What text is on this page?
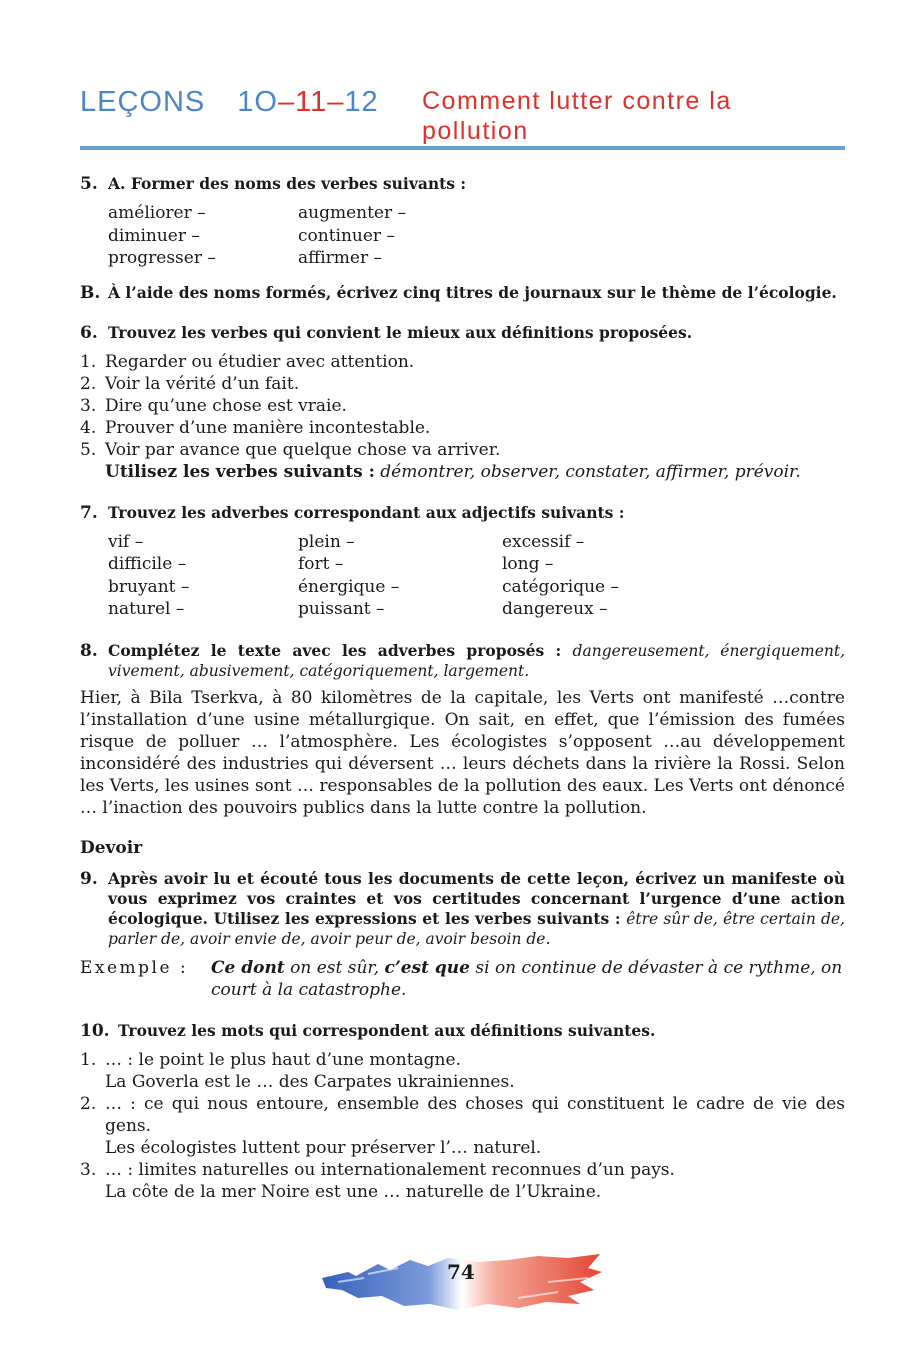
LEÇONS 1O–11–12 Comment lutter contre la pollution
5. A. Former des noms des verbes suivants :
améliorer –	augmenter –
diminuer –	continuer –
progresser –	affirmer –
B. À l’aide des noms formés, écrivez cinq titres de journaux sur le thème de l’écologie.
6. Trouvez les verbes qui convient le mieux aux définitions proposées.
1. Regarder ou étudier avec attention.
2. Voir la vérité d’un fait.
3. Dire qu’une chose est vraie.
4. Prouver d’une manière incontestable.
5. Voir par avance que quelque chose va arriver.
Utilisez les verbes suivants : démontrer, observer, constater, affirmer, prévoir.
7. Trouvez les adverbes correspondant aux adjectifs suivants :
vif –	plein –	excessif –
difficile –	fort –	long –
bruyant –	énergique –	catégorique –
naturel –	puissant –	dangereux –
8. Complétez le texte avec les adverbes proposés : dangereusement, énergiquement, vivement, abusivement, catégoriquement, largement.
Hier, à Bila Tserkva, à 80 kilomètres de la capitale, les Verts ont manifesté …contre l’installation d’une usine métallurgique. On sait, en effet, que l’émission des fumées risque de polluer … l’atmosphère. Les écologistes s’opposent …au développement inconsidéré des industries qui déversent … leurs déchets dans la rivière la Rossi. Selon les Verts, les usines sont … responsables de la pollution des eaux. Les Verts ont dénoncé … l’inaction des pouvoirs publics dans la lutte contre la pollution.
Devoir
9. Après avoir lu et écouté tous les documents de cette leçon, écrivez un manifeste où vous exprimez vos craintes et vos certitudes concernant l’urgence d’une action écologique. Utilisez les expressions et les verbes suivants : être sûr de, être certain de, parler de, avoir envie de, avoir peur de, avoir besoin de.
Exemple :	Ce dont on est sûr, c’est que si on continue de dévaster à ce rythme, on court à la catastrophe.
10. Trouvez les mots qui correspondent aux définitions suivantes.
1. … : le point le plus haut d’une montagne.
La Goverla est le … des Carpates ukrainiennes.
2. … : ce qui nous entoure, ensemble des choses qui constituent le cadre de vie des gens.
Les écologistes luttent pour préserver l’… naturel.
3. … : limites naturelles ou internationalement reconnues d’un pays.
La côte de la mer Noire est une … naturelle de l’Ukraine.
74
